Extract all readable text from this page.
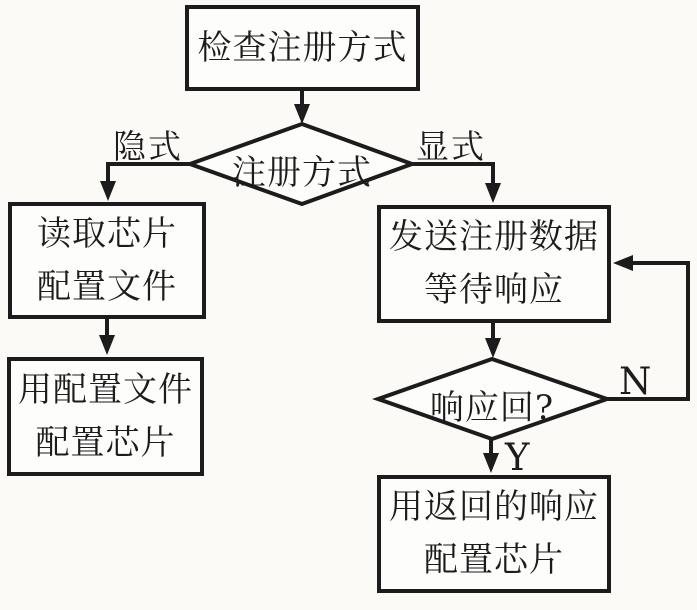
检查注册方式
读取芯片
配置文件
用配置文件
配置芯片
发送注册数据
等待响应
用返回的响应
配置芯片
注册方式
响应回?
隐式	显式
N
Y
